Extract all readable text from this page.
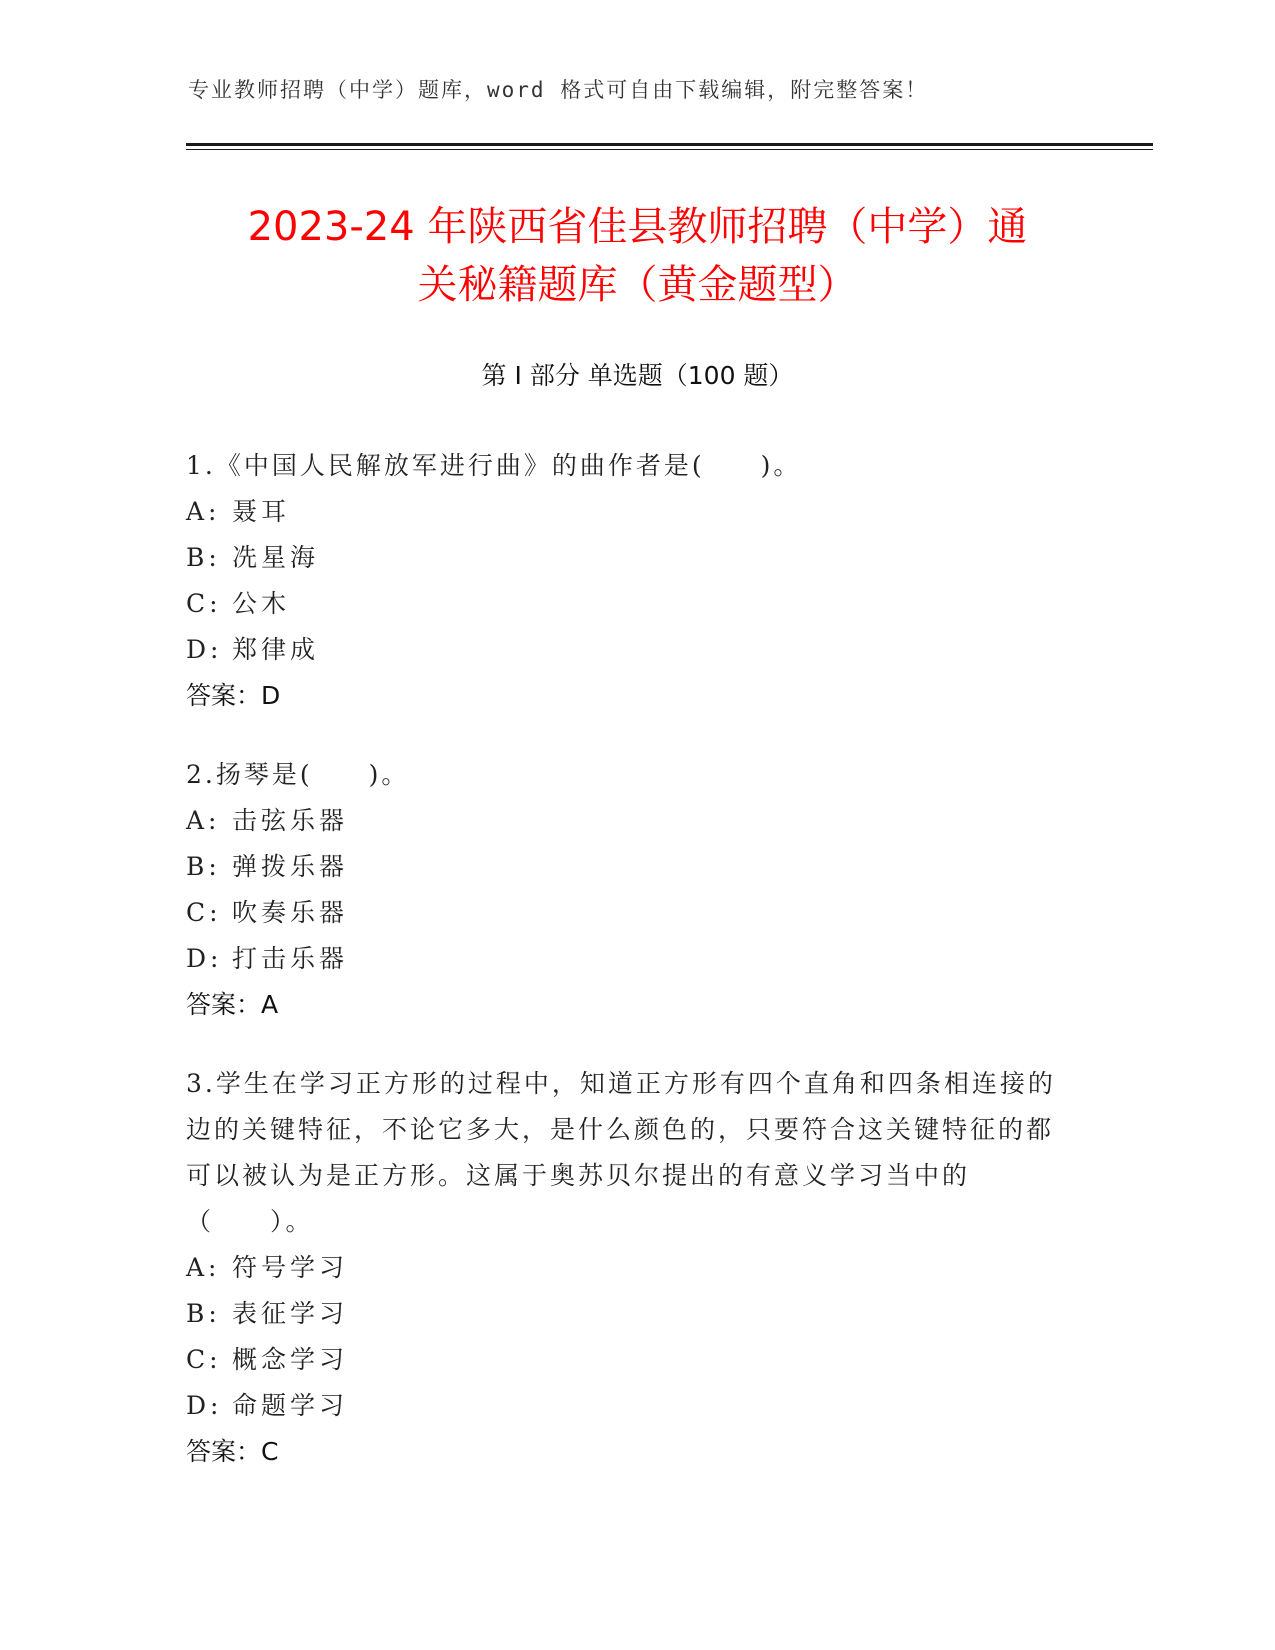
专业教师招聘（中学）题库，word 格式可自由下载编辑，附完整答案！
2023-24 年陕西省佳县教师招聘（中学）通
关秘籍题库（黄金题型）
第 I 部分 单选题（100 题）

1.《中国人民解放军进行曲》的曲作者是(　　)。

A: 聂耳

B: 冼星海

C: 公木

D: 郑律成

答案：D

2.扬琴是(　　)。

A: 击弦乐器

B: 弹拨乐器

C: 吹奏乐器

D: 打击乐器

答案：A

3.学生在学习正方形的过程中，知道正方形有四个直角和四条相连接的边的关键特征，不论它多大，是什么颜色的，只要符合这关键特征的都可以被认为是正方形。这属于奥苏贝尔提出的有意义学习当中的（　　）。

A: 符号学习

B: 表征学习

C: 概念学习

D: 命题学习

答案：C
